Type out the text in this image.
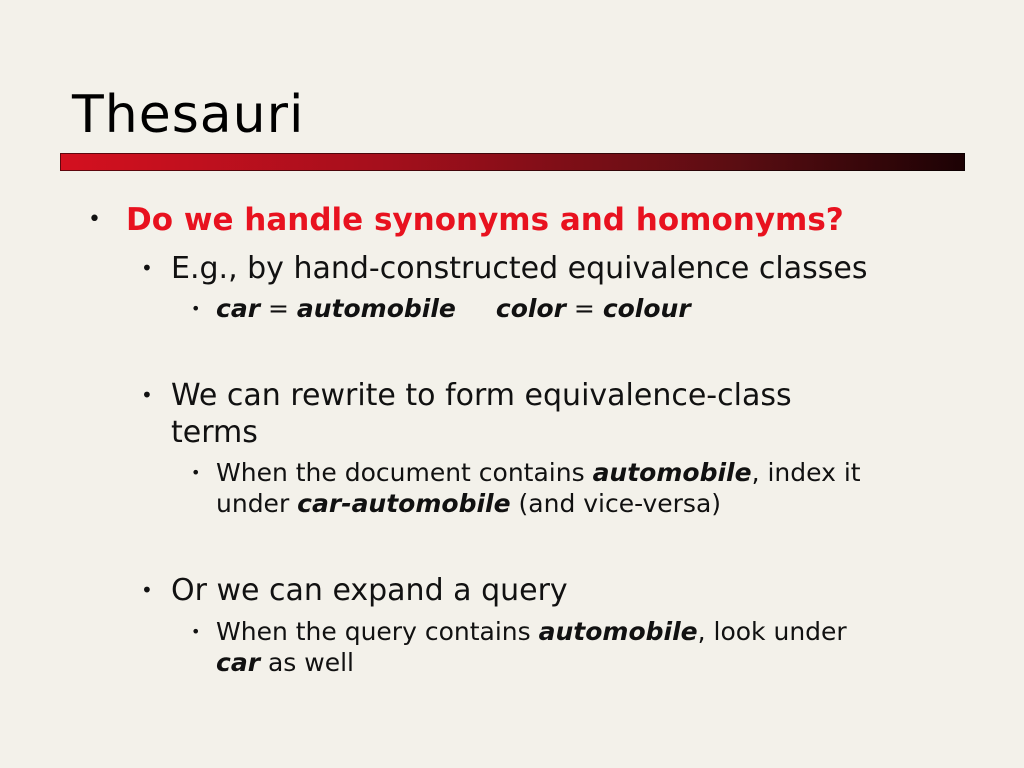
Thesauri
• Do we handle synonyms and homonyms?
• E.g., by hand-constructed equivalence classes
• car = automobile color = colour
• We can rewrite to form equivalence-class
terms
• When the document contains automobile, index it
under car-automobile (and vice-versa)
• Or we can expand a query
• When the query contains automobile, look under
car as well
